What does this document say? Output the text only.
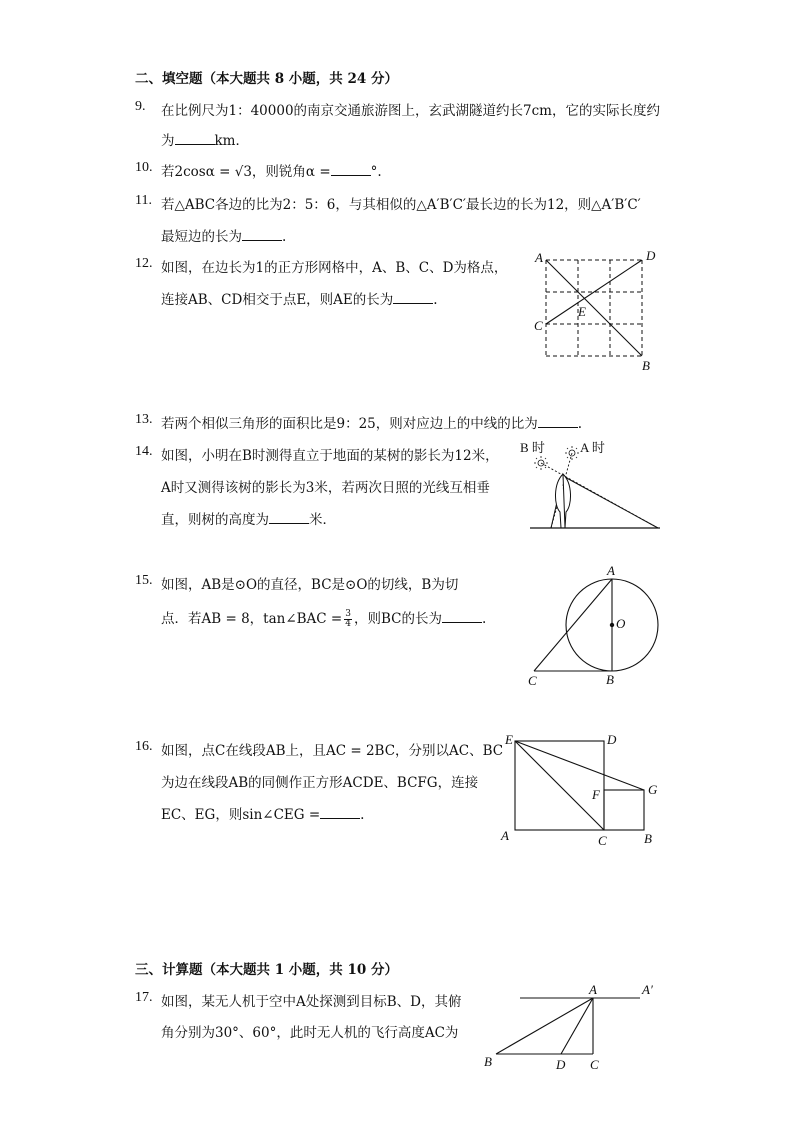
二、填空题（本大题共 8 小题，共 24 分）
9. 在比例尺为1：40000的南京交通旅游图上，玄武湖隧道约长7cm，它的实际长度约
为	km．
10. 若2cosα = √3，则锐角α =	°.
11. 若△ABC各边的比为2：5：6，与其相似的△A′B′C′最长边的长为12，则△A′B′C′
最短边的长为	.
12. 如图，在边长为1的正方形网格中，A、B、C、D为格点，
连接AB、CD相交于点E，则AE的长为	.
A	D
C
E
B
13. 若两个相似三角形的面积比是9：25，则对应边上的中线的比为	.
14. 如图，小明在B时测得直立于地面的某树的影长为12米，
A时又测得该树的影长为3米，若两次日照的光线互相垂
直，则树的高度为	米．
B 时	A 时
15. 如图，AB是⊙O的直径，BC是⊙O的切线，B为切
点．若AB = 8，tan∠BAC = $\frac{3}{4}$ ，则BC的长为	.
A
O
C	B
16. 如图，点C在线段AB上，且AC = 2BC，分别以AC、BC
为边在线段AB的同侧作正方形ACDE、BCFG，连接
EC、EG，则sin∠CEG =	.
E	D
F	G
A	C	B
三、计算题（本大题共 1 小题，共 10 分）
17. 如图，某无人机于空中A处探测到目标B、D，其俯
角分别为30°、60°，此时无人机的飞行高度AC为
A	A′
B	D C
